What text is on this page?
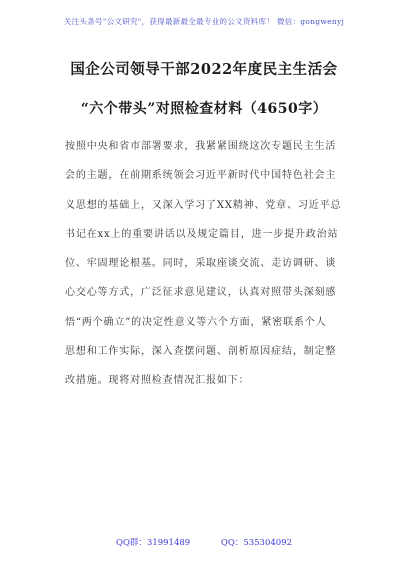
关注头条号"公文研究"，获得最新最全最专业的公文资料库！ 微信：gongwenyj
国企公司领导干部2022年度民主生活会
“六个带头”对照检查材料（4650字）
按照中央和省市部署要求，我紧紧围绕这次专题民主生活
会的主题，在前期系统领会习近平新时代中国特色社会主
义思想的基础上，又深入学习了XX精神、党章、习近平总
书记在xx上的重要讲话以及规定篇目，进一步提升政治站
位、牢固理论根基。同时，采取座谈交流、走访调研、谈
心交心等方式，广泛征求意见建议，认真对照带头深刻感
悟“两个确立”的决定性意义等六个方面，紧密联系个人
思想和工作实际，深入查摆问题、剖析原因症结，制定整
改措施。现将对照检查情况汇报如下：
QQ群：31991489	QQ：535304092
